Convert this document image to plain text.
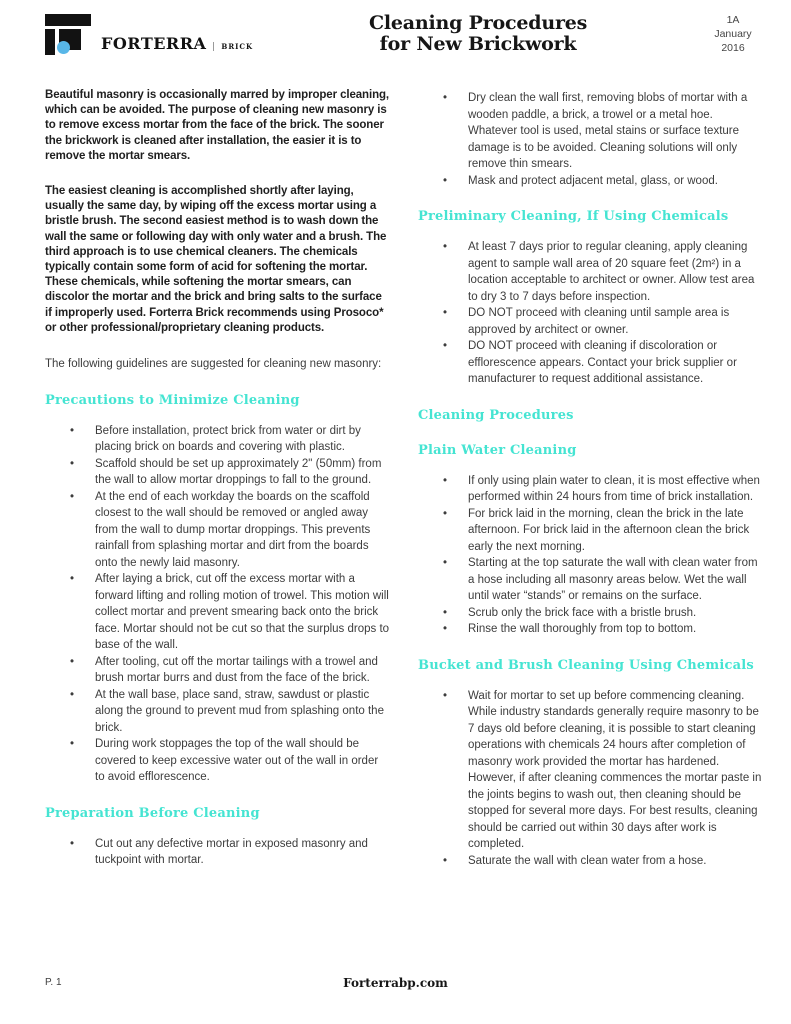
FORTERRA	BRICK
Cleaning Procedures
for New Brickwork
1A
January
2016

Beautiful masonry is occasionally marred by improper cleaning, which can be avoided. The purpose of cleaning new masonry is to remove excess mortar from the face of the brick. The sooner the brickwork is cleaned after installation, the easier it is to remove the mortar smears.

The easiest cleaning is accomplished shortly after laying, usually the same day, by wiping off the excess mortar using a bristle brush. The second easiest method is to wash down the wall the same or following day with only water and a brush. The third approach is to use chemical cleaners. The chemicals typically contain some form of acid for softening the mortar. These chemicals, while softening the mortar smears, can discolor the mortar and the brick and bring salts to the surface if improperly used. Forterra Brick recommends using Prosoco* or other professional/proprietary cleaning products.

The following guidelines are suggested for cleaning new masonry:

Precautions to Minimize Cleaning
• Before installation, protect brick from water or dirt by placing brick on boards and covering with plastic.
• Scaffold should be set up approximately 2" (50mm) from the wall to allow mortar droppings to fall to the ground.
• At the end of each workday the boards on the scaffold closest to the wall should be removed or angled away from the wall to dump mortar droppings. This prevents rainfall from splashing mortar and dirt from the boards onto the newly laid masonry.
• After laying a brick, cut off the excess mortar with a forward lifting and rolling motion of trowel. This motion will collect mortar and prevent smearing back onto the brick face. Mortar should not be cut so that the surplus drops to base of the wall.
• After tooling, cut off the mortar tailings with a trowel and brush mortar burrs and dust from the face of the brick.
• At the wall base, place sand, straw, sawdust or plastic along the ground to prevent mud from splashing onto the brick.
• During work stoppages the top of the wall should be covered to keep excessive water out of the wall in order to avoid efflorescence.
Preparation Before Cleaning
• Cut out any defective mortar in exposed masonry and tuckpoint with mortar.
• Dry clean the wall first, removing blobs of mortar with a wooden paddle, a brick, a trowel or a metal hoe. Whatever tool is used, metal stains or surface texture damage is to be avoided. Cleaning solutions will only remove thin smears.
• Mask and protect adjacent metal, glass, or wood.
Preliminary Cleaning, If Using Chemicals
• At least 7 days prior to regular cleaning, apply cleaning agent to sample wall area of 20 square feet (2m²) in a location acceptable to architect or owner. Allow test area to dry 3 to 7 days before inspection.
• DO NOT proceed with cleaning until sample area is approved by architect or owner.
• DO NOT proceed with cleaning if discoloration or efflorescence appears. Contact your brick supplier or manufacturer to request additional assistance.
Cleaning Procedures
Plain Water Cleaning
• If only using plain water to clean, it is most effective when performed within 24 hours from time of brick installation.
• For brick laid in the morning, clean the brick in the late afternoon. For brick laid in the afternoon clean the brick early the next morning.
• Starting at the top saturate the wall with clean water from a hose including all masonry areas below. Wet the wall until water “stands” or remains on the surface.
• Scrub only the brick face with a bristle brush.
• Rinse the wall thoroughly from top to bottom.
Bucket and Brush Cleaning Using Chemicals
• Wait for mortar to set up before commencing cleaning. While industry standards generally require masonry to be 7 days old before cleaning, it is possible to start cleaning operations with chemicals 24 hours after completion of masonry work provided the mortar has hardened. However, if after cleaning commences the mortar paste in the joints begins to wash out, then cleaning should be stopped for several more days. For best results, cleaning should be carried out within 30 days after work is completed.
• Saturate the wall with clean water from a hose.
P. 1	Forterrabp.com
